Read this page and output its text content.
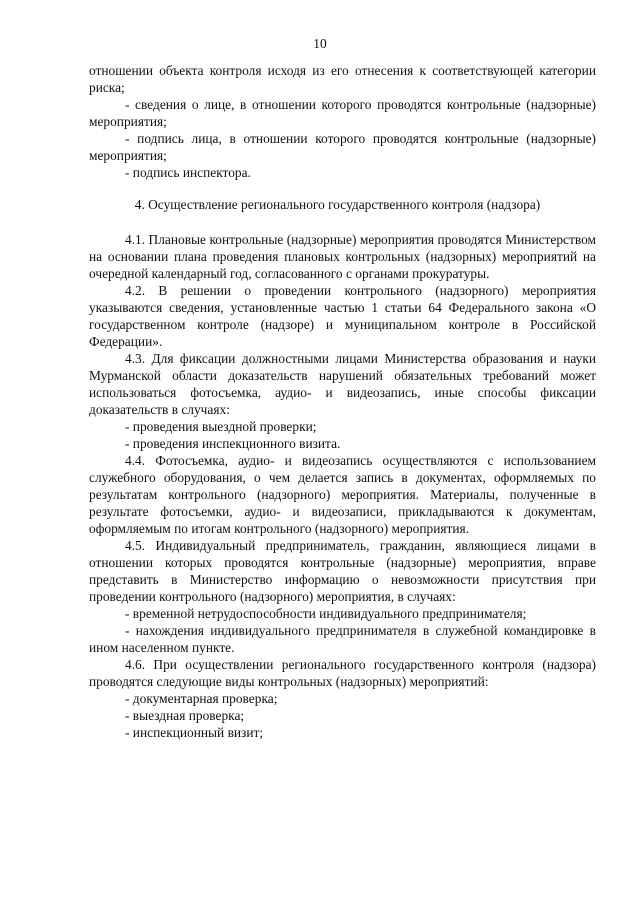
10

отношении объекта контроля исходя из его отнесения к соответствующей категории риска;

- сведения о лице, в отношении которого проводятся контрольные (надзорные) мероприятия;

- подпись лица, в отношении которого проводятся контрольные (надзорные) мероприятия;

- подпись инспектора.

4. Осуществление регионального государственного контроля (надзора)

4.1. Плановые контрольные (надзорные) мероприятия проводятся Министерством на основании плана проведения плановых контрольных (надзорных) мероприятий на очередной календарный год, согласованного с органами прокуратуры.

4.2. В решении о проведении контрольного (надзорного) мероприятия указываются сведения, установленные частью 1 статьи 64 Федерального закона «О государственном контроле (надзоре) и муниципальном контроле в Российской Федерации».

4.3. Для фиксации должностными лицами Министерства образования и науки Мурманской области доказательств нарушений обязательных требований может использоваться фотосъемка, аудио- и видеозапись, иные способы фиксации доказательств в случаях:

- проведения выездной проверки;

- проведения инспекционного визита.

4.4. Фотосъемка, аудио- и видеозапись осуществляются с использованием служебного оборудования, о чем делается запись в документах, оформляемых по результатам контрольного (надзорного) мероприятия. Материалы, полученные в результате фотосъемки, аудио- и видеозаписи, прикладываются к документам, оформляемым по итогам контрольного (надзорного) мероприятия.

4.5. Индивидуальный предприниматель, гражданин, являющиеся лицами в отношении которых проводятся контрольные (надзорные) мероприятия, вправе представить в Министерство информацию о невозможности присутствия при проведении контрольного (надзорного) мероприятия, в случаях:

- временной нетрудоспособности индивидуального предпринимателя;

- нахождения индивидуального предпринимателя в служебной командировке в ином населенном пункте.

4.6. При осуществлении регионального государственного контроля (надзора) проводятся следующие виды контрольных (надзорных) мероприятий:

- документарная проверка;

- выездная проверка;

- инспекционный визит;
